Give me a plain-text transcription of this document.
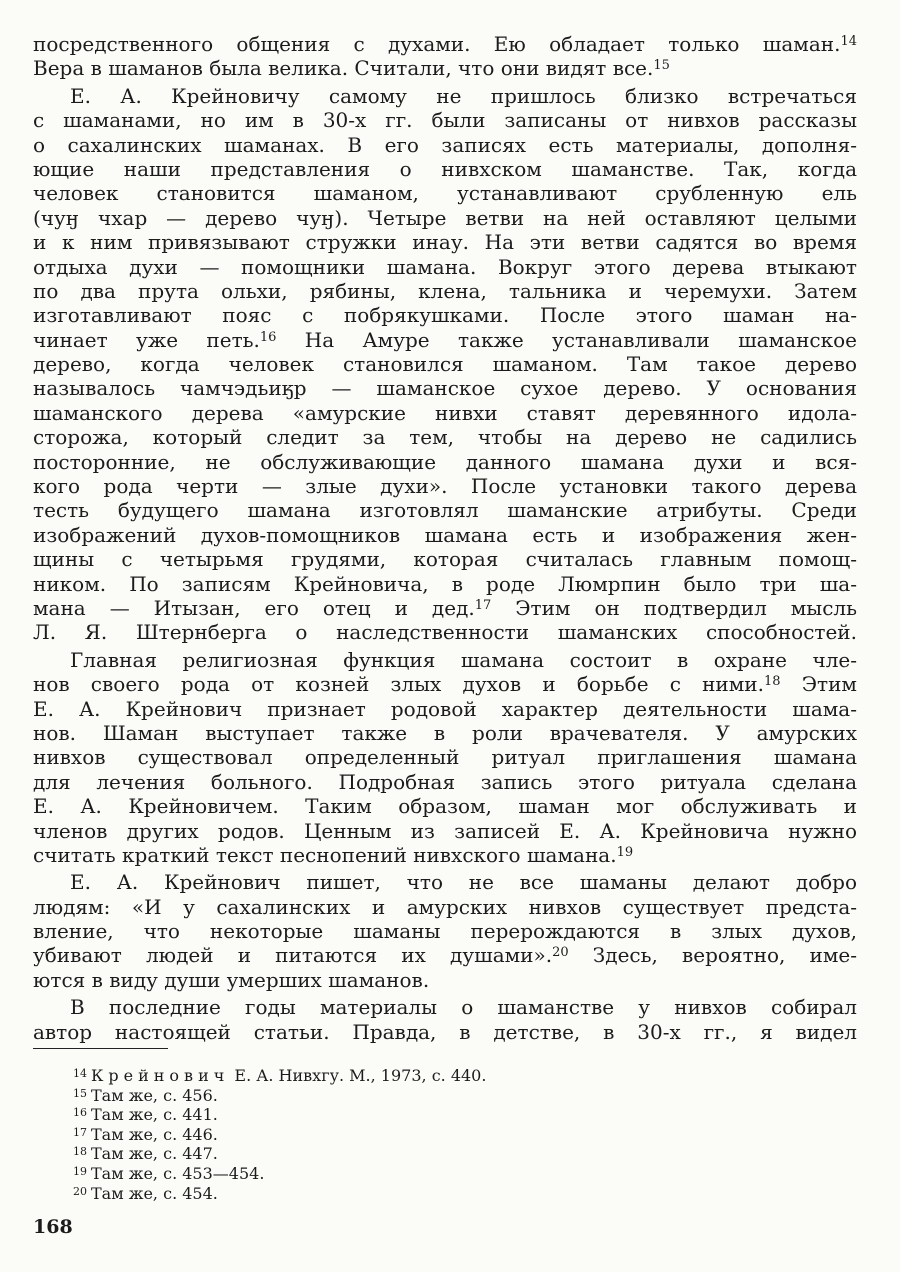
посредственного общения с духами. Ею обладает только шаман.$^{14}$
Вера в шаманов была велика. Считали, что они видят все.$^{15}$
Е. А. Крейновичу самому не пришлось близко встречаться
с шаманами, но им в 30-х гг. были записаны от нивхов рассказы
о сахалинских шаманах. В его записях есть материалы, дополня-
ющие наши представления о нивхском шаманстве. Так, когда
человек становится шаманом, устанавливают срубленную ель
(чуӈ чхар — дерево чуӈ). Четыре ветви на ней оставляют целыми
и к ним привязывают стружки инау. На эти ветви садятся во время
отдыха духи — помощники шамана. Вокруг этого дерева втыкают
по два прута ольхи, рябины, клена, тальника и черемухи. Затем
изготавливают пояс с побрякушками. После этого шаман на-
чинает уже петь.$^{16}$ На Амуре также устанавливали шаманское
дерево, когда человек становился шаманом. Там такое дерево
называлось чамчэдьиӄр — шаманское сухое дерево. У основания
шаманского дерева «амурские нивхи ставят деревянного идола-
сторожа, который следит за тем, чтобы на дерево не садились
посторонние, не обслуживающие данного шамана духи и вся-
кого рода черти — злые духи». После установки такого дерева
тесть будущего шамана изготовлял шаманские атрибуты. Среди
изображений духов-помощников шамана есть и изображения жен-
щины с четырьмя грудями, которая считалась главным помощ-
ником. По записям Крейновича, в роде Люмрпин было три ша-
мана — Итызан, его отец и дед.$^{17}$ Этим он подтвердил мысль
Л. Я. Штернберга о наследственности шаманских способностей.
Главная религиозная функция шамана состоит в охране чле-
нов своего рода от козней злых духов и борьбе с ними.$^{18}$ Этим
Е. А. Крейнович признает родовой характер деятельности шама-
нов. Шаман выступает также в роли врачевателя. У амурских
нивхов существовал определенный ритуал приглашения шамана
для лечения больного. Подробная запись этого ритуала сделана
Е. А. Крейновичем. Таким образом, шаман мог обслуживать и
членов других родов. Ценным из записей Е. А. Крейновича нужно
считать краткий текст песнопений нивхского шамана.$^{19}$
Е. А. Крейнович пишет, что не все шаманы делают добро
людям: «И у сахалинских и амурских нивхов существует предста-
вление, что некоторые шаманы перерождаются в злых духов,
убивают людей и питаются их душами».$^{20}$ Здесь, вероятно, име-
ются в виду души умерших шаманов.
В последние годы материалы о шаманстве у нивхов собирал
автор настоящей статьи. Правда, в детстве, в 30-х гг., я видел
$^{14}$ Крейнович Е. А. Нивхгу. М., 1973, с. 440.
$^{15}$ Там же, с. 456.
$^{16}$ Там же, с. 441.
$^{17}$ Там же, с. 446.
$^{18}$ Там же, с. 447.
$^{19}$ Там же, с. 453—454.
$^{20}$ Там же, с. 454.
168
